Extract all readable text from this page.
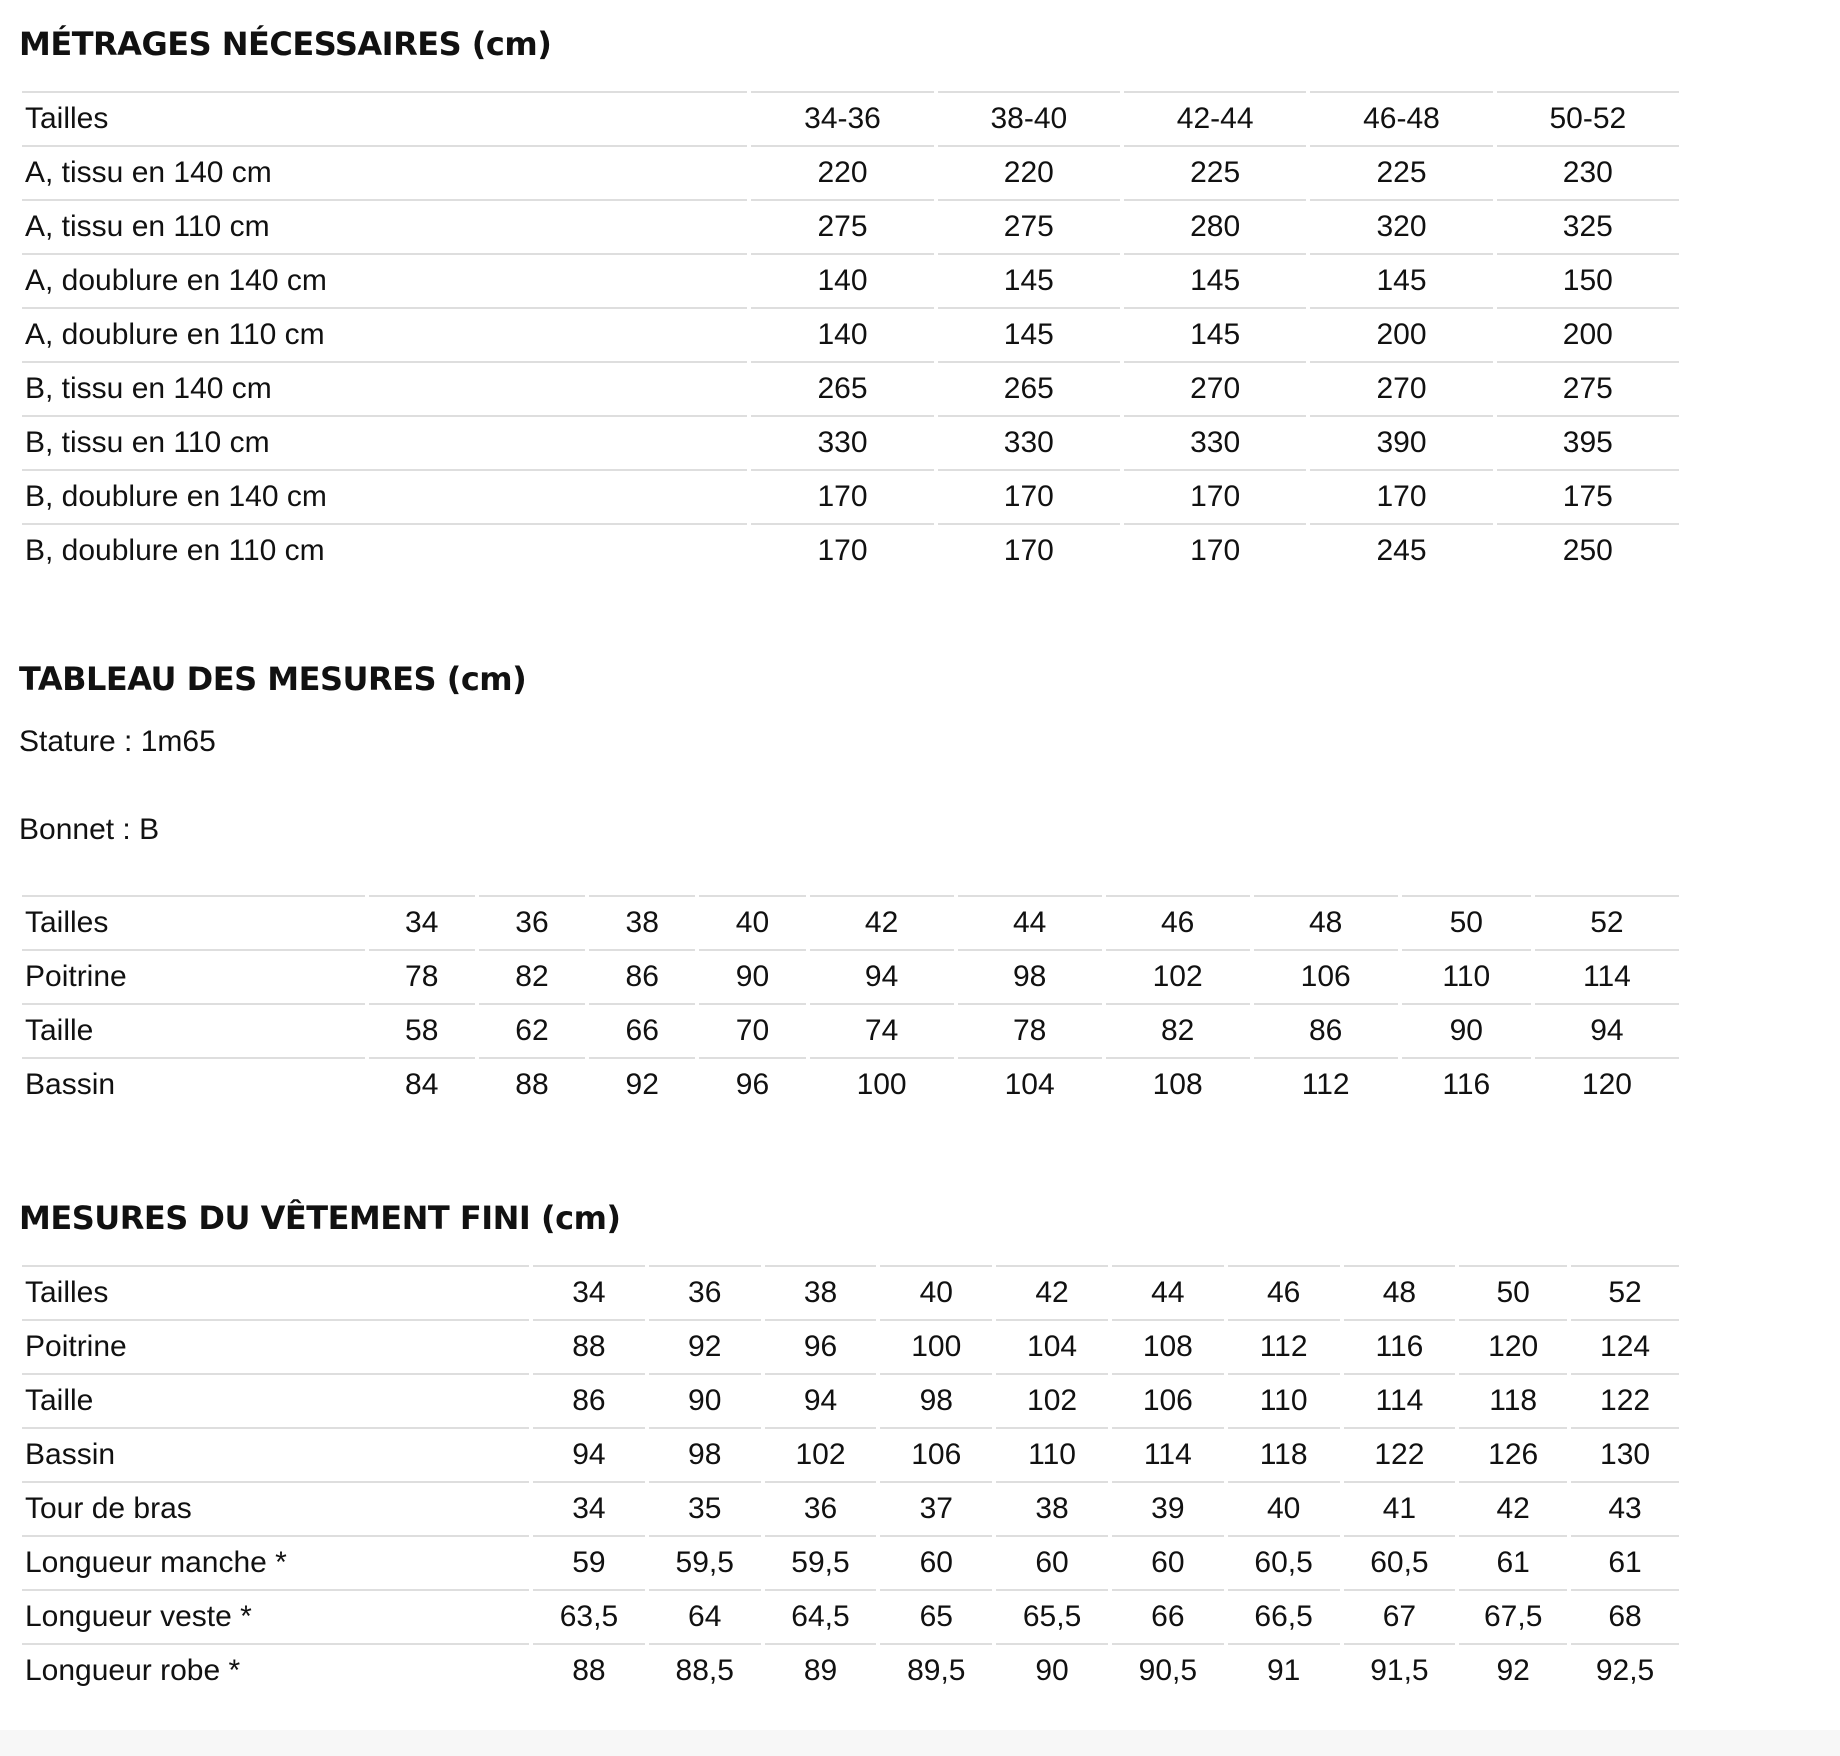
MÉTRAGES NÉCESSAIRES (cm)
Tailles	34-36	38-40	42-44	46-48	50-52
A, tissu en 140 cm	220	220	225	225	230
A, tissu en 110 cm	275	275	280	320	325
A, doublure en 140 cm	140	145	145	145	150
A, doublure en 110 cm	140	145	145	200	200
B, tissu en 140 cm	265	265	270	270	275
B, tissu en 110 cm	330	330	330	390	395
B, doublure en 140 cm	170	170	170	170	175
B, doublure en 110 cm	170	170	170	245	250
TABLEAU DES MESURES (cm)

Stature : 1m65

Bonnet : B

Tailles	34	36	38	40	42	44	46	48	50	52
Poitrine	78	82	86	90	94	98	102	106	110	114
Taille	58	62	66	70	74	78	82	86	90	94
Bassin	84	88	92	96	100	104	108	112	116	120
MESURES DU VÊTEMENT FINI (cm)
Tailles	34	36	38	40	42	44	46	48	50	52
Poitrine	88	92	96	100	104	108	112	116	120	124
Taille	86	90	94	98	102	106	110	114	118	122
Bassin	94	98	102	106	110	114	118	122	126	130
Tour de bras	34	35	36	37	38	39	40	41	42	43
Longueur manche *	59	59,5	59,5	60	60	60	60,5	60,5	61	61
Longueur veste *	63,5	64	64,5	65	65,5	66	66,5	67	67,5	68
Longueur robe *	88	88,5	89	89,5	90	90,5	91	91,5	92	92,5
